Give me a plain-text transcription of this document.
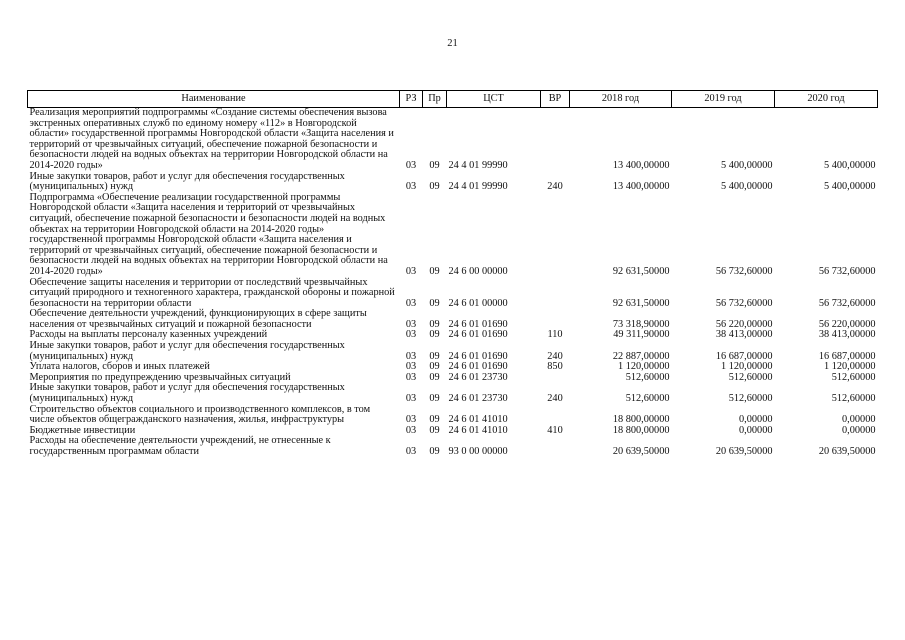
21
Наименование	РЗ	Пр	ЦСТ	ВР	2018 год	2019 год	2020 год
Реализация мероприятий подпрограммы «Создание системы обеспечения вызова экстренных оперативных служб по единому номеру «112» в Новгородской области» государственной программы Новгородской области «Защита населения и территорий от чрезвычайных ситуаций, обеспечение пожарной безопасности и безопасности людей на водных объектах на территории Новгородской области на 2014-2020 годы»	03	09	24 4 01 99990		13 400,00000	5 400,00000	5 400,00000
Иные закупки товаров, работ и услуг для обеспечения государственных (муниципальных) нужд	03	09	24 4 01 99990	240	13 400,00000	5 400,00000	5 400,00000
Подпрограмма «Обеспечение реализации государственной программы Новгородской области «Защита населения и территорий от чрезвычайных ситуаций, обеспечение пожарной безопасности и безопасности людей на водных объектах на территории Новгородской области на 2014-2020 годы» государственной программы Новгородской области «Защита населения и территорий от чрезвычайных ситуаций, обеспечение пожарной безопасности и безопасности людей на водных объектах на территории Новгородской области на 2014-2020 годы»	03	09	24 6 00 00000		92 631,50000	56 732,60000	56 732,60000
Обеспечение защиты населения и территории от последствий чрезвычайных ситуаций природного и техногенного характера, гражданской обороны и пожарной безопасности на территории области	03	09	24 6 01 00000		92 631,50000	56 732,60000	56 732,60000
Обеспечение деятельности учреждений, функционирующих в сфере защиты населения от чрезвычайных ситуаций и пожарной безопасности	03	09	24 6 01 01690		73 318,90000	56 220,00000	56 220,00000
Расходы на выплаты персоналу казенных учреждений	03	09	24 6 01 01690	110	49 311,90000	38 413,00000	38 413,00000
Иные закупки товаров, работ и услуг для обеспечения государственных (муниципальных) нужд	03	09	24 6 01 01690	240	22 887,00000	16 687,00000	16 687,00000
Уплата налогов, сборов и иных платежей	03	09	24 6 01 01690	850	1 120,00000	1 120,00000	1 120,00000
Мероприятия по предупреждению чрезвычайных ситуаций	03	09	24 6 01 23730		512,60000	512,60000	512,60000
Иные закупки товаров, работ и услуг для обеспечения государственных (муниципальных) нужд	03	09	24 6 01 23730	240	512,60000	512,60000	512,60000
Строительство объектов социального и производственного комплексов, в том числе объектов общегражданского назначения, жилья, инфраструктуры	03	09	24 6 01 41010		18 800,00000	0,00000	0,00000
Бюджетные инвестиции	03	09	24 6 01 41010	410	18 800,00000	0,00000	0,00000
Расходы на обеспечение деятельности учреждений, не отнесенные к государственным программам области	03	09	93 0 00 00000		20 639,50000	20 639,50000	20 639,50000
